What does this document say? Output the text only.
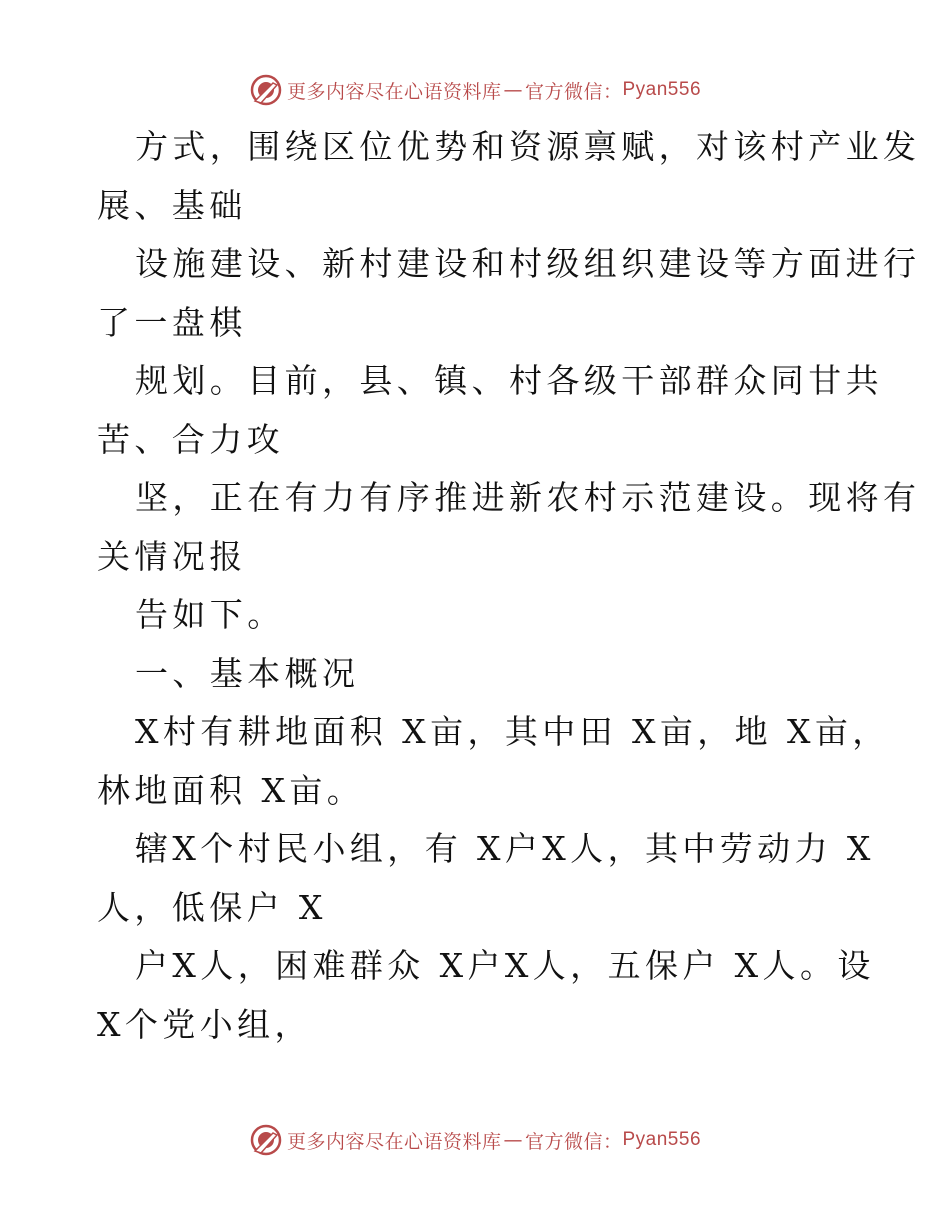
更多内容尽在心语资料库 — 官方微信： Pyan556
方式，围绕区位优势和资源禀赋，对该村产业发
展、基础
设施建设、新村建设和村级组织建设等方面进行
了一盘棋
规划。目前，县、镇、村各级干部群众同甘共
苦、合力攻
坚，正在有力有序推进新农村示范建设。现将有
关情况报
告如下。
一、基本概况
X村有耕地面积 X亩，其中田 X亩，地 X亩，
林地面积 X亩。
辖X个村民小组，有 X户X人，其中劳动力 X
人，低保户 X
户X人，困难群众 X户X人，五保户 X人。设
X个党小组，
更多内容尽在心语资料库 — 官方微信： Pyan556
